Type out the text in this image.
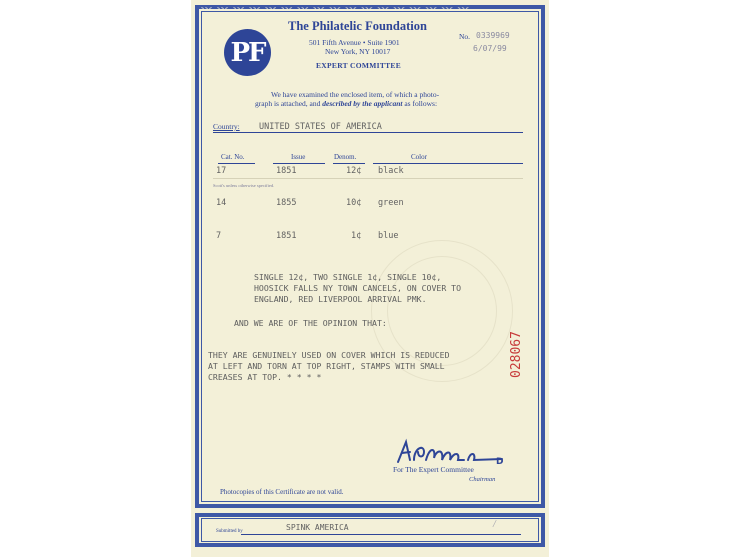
>>< >>< >>< >>< >>< >>< >>< >>< >>< >>< >>< >>< >>< >>< >>< >>< >><
PF
The Philatelic Foundation
501 Fifth Avenue • Suite 1901
New York, NY 10017
EXPERT COMMITTEE
No. 0339969
6/07/99
We have examined the enclosed item, of which a photo-
graph is attached, and described by the applicant as follows:
Country: UNITED STATES OF AMERICA
Cat. No.	Issue	Denom.	Color
17	1851	12¢ black
Scott's unless otherwise specified.
14	1855	10¢ green
7	1851	1¢ blue
SINGLE 12¢, TWO SINGLE 1¢, SINGLE 10¢,
HOOSICK FALLS NY TOWN CANCELS, ON COVER TO
ENGLAND, RED LIVERPOOL ARRIVAL PMK.
AND WE ARE OF THE OPINION THAT:
THEY ARE GENUINELY USED ON COVER WHICH IS REDUCED
AT LEFT AND TORN AT TOP RIGHT, STAMPS WITH SMALL
CREASES AT TOP. * * * *	028067
D
For The Expert Committee
Chairman
Photocopies of this Certificate are not valid.
Submitted by	SPINK AMERICA	/
